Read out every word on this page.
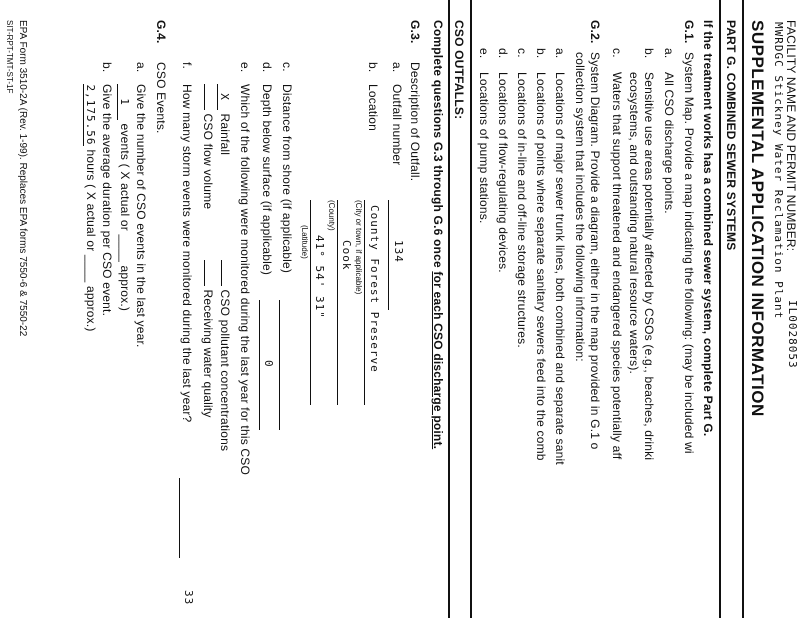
FACILITY NAME AND PERMIT NUMBER:
IL0028053
MWRDGC Stickney Water Reclamation Plant
SUPPLEMENTAL APPLICATION INFORMATION
PART G. COMBINED SEWER SYSTEMS
If the treatment works has a combined sewer system, complete Part G.
G.1.
System Map. Provide a map indicating the following: (may be included wi
a.
All CSO discharge points.
b.
Sensitive use areas potentially affected by CSOs (e.g., beaches, drinki
ecosystems, and outstanding natural resource waters).
c.
Waters that support threatened and endangered species potentially aff
G.2.
System Diagram. Provide a diagram, either in the map provided in G.1 o
collection system that includes the following information:
a.
Locations of major sewer trunk lines, both combined and separate sanit
b.
Locations of points where separate sanitary sewers feed into the comb
c.
Locations of in-line and off-line storage structures.
d.
Locations of flow-regulating devices.
e.
Locations of pump stations.
CSO OUTFALLS:
Complete questions G.3 through G.6 once for each CSO discharge point.
G.3.
Description of Outfall.
a.
Outfall number
134
b.
Location
County Forest Preserve
(City or town, if applicable)
Cook
(County)
41° 54' 31"
(Latitude)
c.
Distance from shore (if applicable)
d.
Depth below surface (if applicable)
0
e.
Which of the following were monitored during the last year for this CSO
X Rainfall
CSO pollutant concentrations
CSO flow volume
Receiving water quality
f.
How many storm events were monitored during the last year?
33
G.4.
CSO Events.
a.
Give the number of CSO events in the last year.
1 events ( X actual or ____ approx.)
b.
Give the average duration per CSO event.
2,175.56 hours ( X actual or ____ approx.)
EPA Form 3510-2A (Rev. 1-99). Replaces EPA forms 7550-6 & 7550-22
SIT-RPT-TMT-ST-1F
